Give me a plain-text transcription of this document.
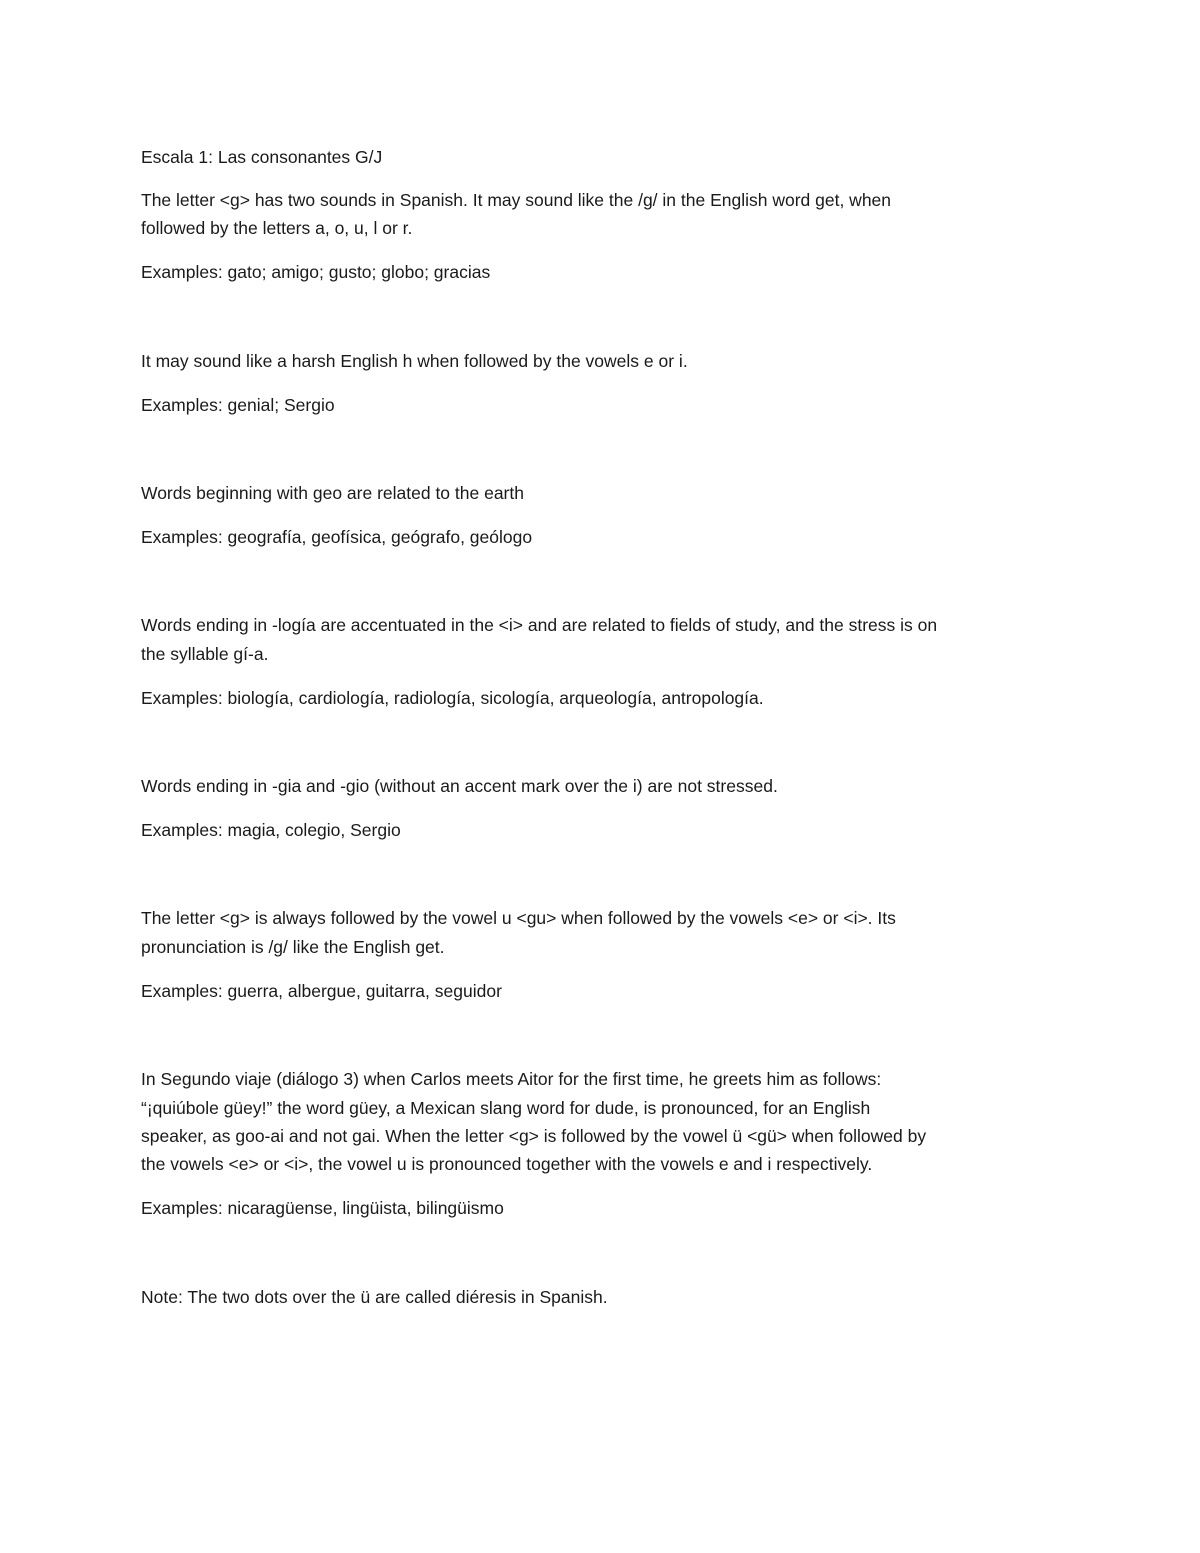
Escala 1: Las consonantes G/J

The letter <g> has two sounds in Spanish. It may sound like the /g/ in the English word get, when

followed by the letters a, o, u, l or r.

Examples: gato; amigo; gusto; globo; gracias

It may sound like a harsh English h when followed by the vowels e or i.

Examples: genial; Sergio

Words beginning with geo are related to the earth

Examples: geografía, geofísica, geógrafo, geólogo

Words ending in -logía are accentuated in the <i> and are related to fields of study, and the stress is on

the syllable gí-a.

Examples: biología, cardiología, radiología, sicología, arqueología, antropología.

Words ending in -gia and -gio (without an accent mark over the i) are not stressed.

Examples: magia, colegio, Sergio

The letter <g> is always followed by the vowel u <gu> when followed by the vowels <e> or <i>. Its

pronunciation is /g/ like the English get.

Examples: guerra, albergue, guitarra, seguidor

In Segundo viaje (diálogo 3) when Carlos meets Aitor for the first time, he greets him as follows:

“¡quiúbole güey!” the word güey, a Mexican slang word for dude, is pronounced, for an English

speaker, as goo-ai and not gai. When the letter <g> is followed by the vowel ü <gü> when followed by

the vowels <e> or <i>, the vowel u is pronounced together with the vowels e and i respectively.

Examples: nicaragüense, lingüista, bilingüismo

Note: The two dots over the ü are called diéresis in Spanish.
